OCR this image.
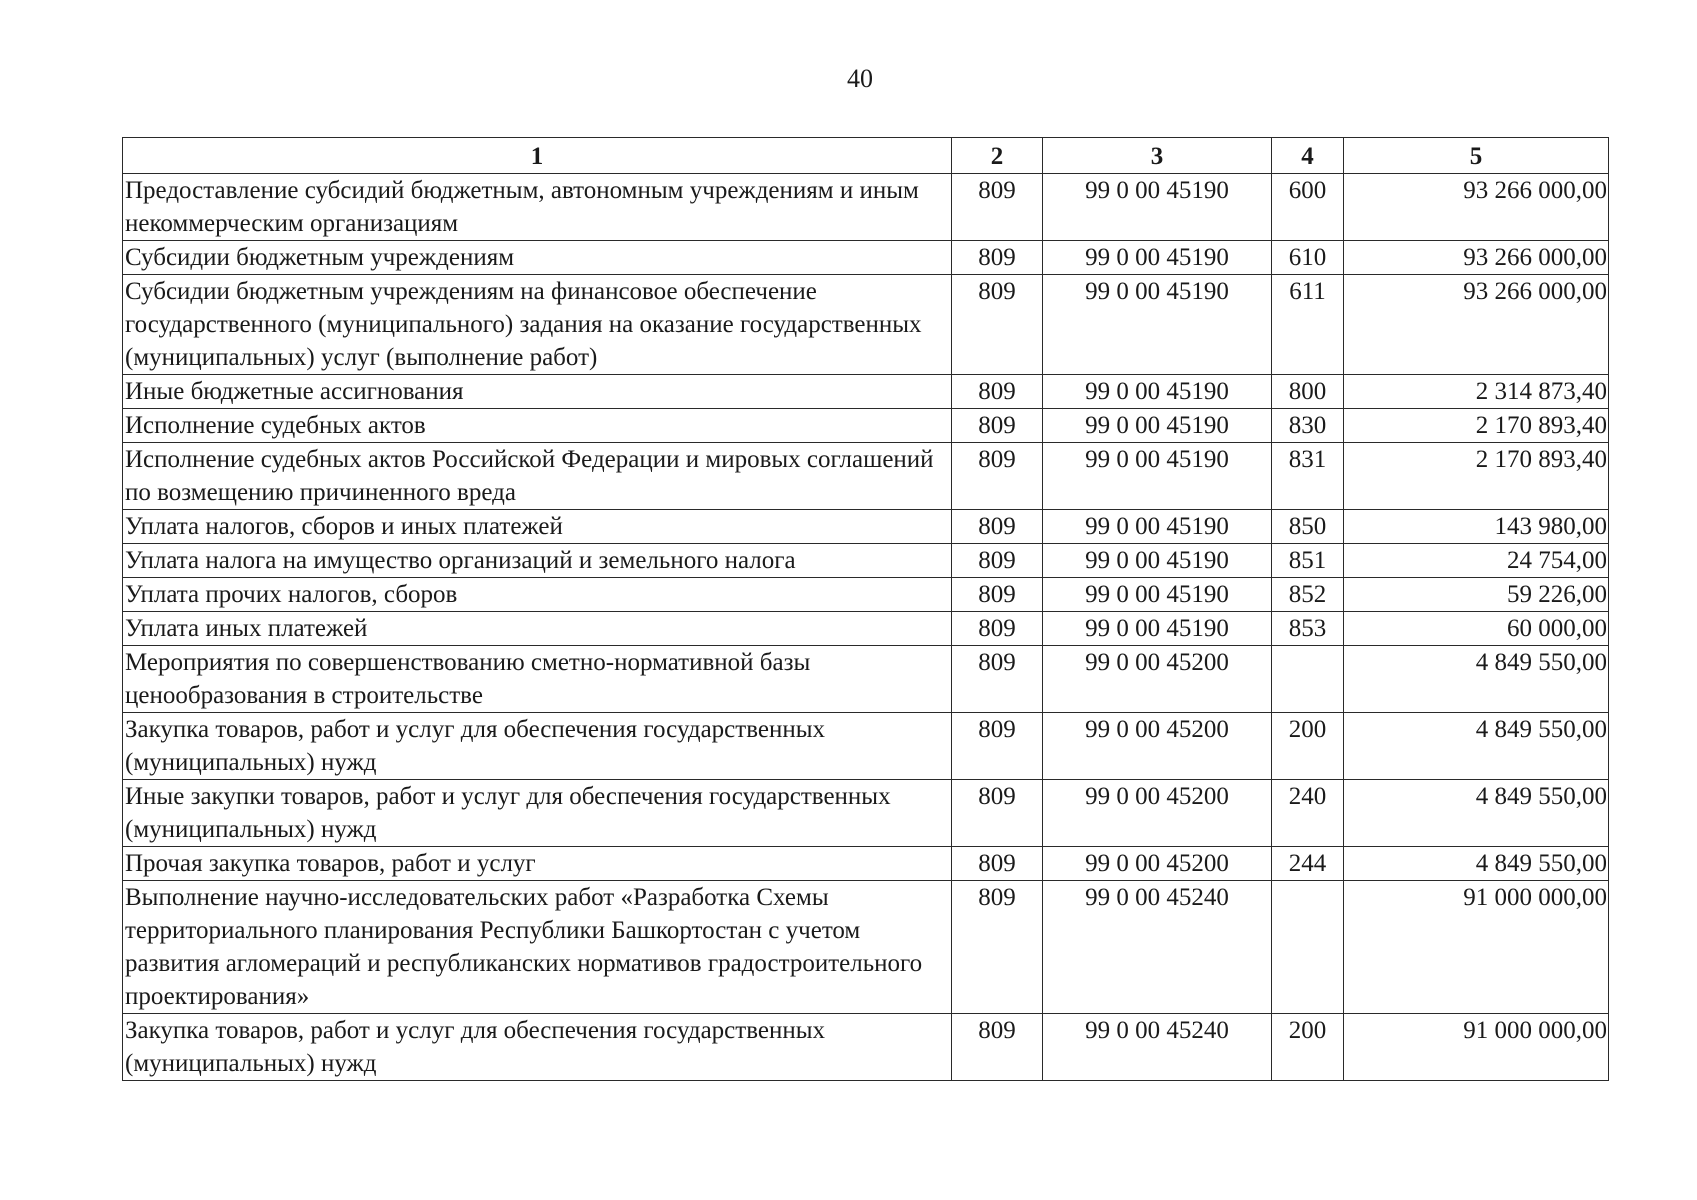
40
1	2	3	4	5
Предоставление субсидий бюджетным, автономным учреждениям и иным некоммерческим организациям	809	99 0 00 45190	600	93 266 000,00
Субсидии бюджетным учреждениям	809	99 0 00 45190	610	93 266 000,00
Субсидии бюджетным учреждениям на финансовое обеспечение государственного (муниципального) задания на оказание государственных (муниципальных) услуг (выполнение работ)	809	99 0 00 45190	611	93 266 000,00
Иные бюджетные ассигнования	809	99 0 00 45190	800	2 314 873,40
Исполнение судебных актов	809	99 0 00 45190	830	2 170 893,40
Исполнение судебных актов Российской Федерации и мировых соглашений по возмещению причиненного вреда	809	99 0 00 45190	831	2 170 893,40
Уплата налогов, сборов и иных платежей	809	99 0 00 45190	850	143 980,00
Уплата налога на имущество организаций и земельного налога	809	99 0 00 45190	851	24 754,00
Уплата прочих налогов, сборов	809	99 0 00 45190	852	59 226,00
Уплата иных платежей	809	99 0 00 45190	853	60 000,00
Мероприятия по совершенствованию сметно-нормативной базы ценообразования в строительстве	809	99 0 00 45200		4 849 550,00
Закупка товаров, работ и услуг для обеспечения государственных (муниципальных) нужд	809	99 0 00 45200	200	4 849 550,00
Иные закупки товаров, работ и услуг для обеспечения государственных (муниципальных) нужд	809	99 0 00 45200	240	4 849 550,00
Прочая закупка товаров, работ и услуг	809	99 0 00 45200	244	4 849 550,00
Выполнение научно-исследовательских работ «Разработка Схемы территориального планирования Республики Башкортостан с учетом развития агломераций и республиканских нормативов градостроительного проектирования»	809	99 0 00 45240		91 000 000,00
Закупка товаров, работ и услуг для обеспечения государственных (муниципальных) нужд	809	99 0 00 45240	200	91 000 000,00
